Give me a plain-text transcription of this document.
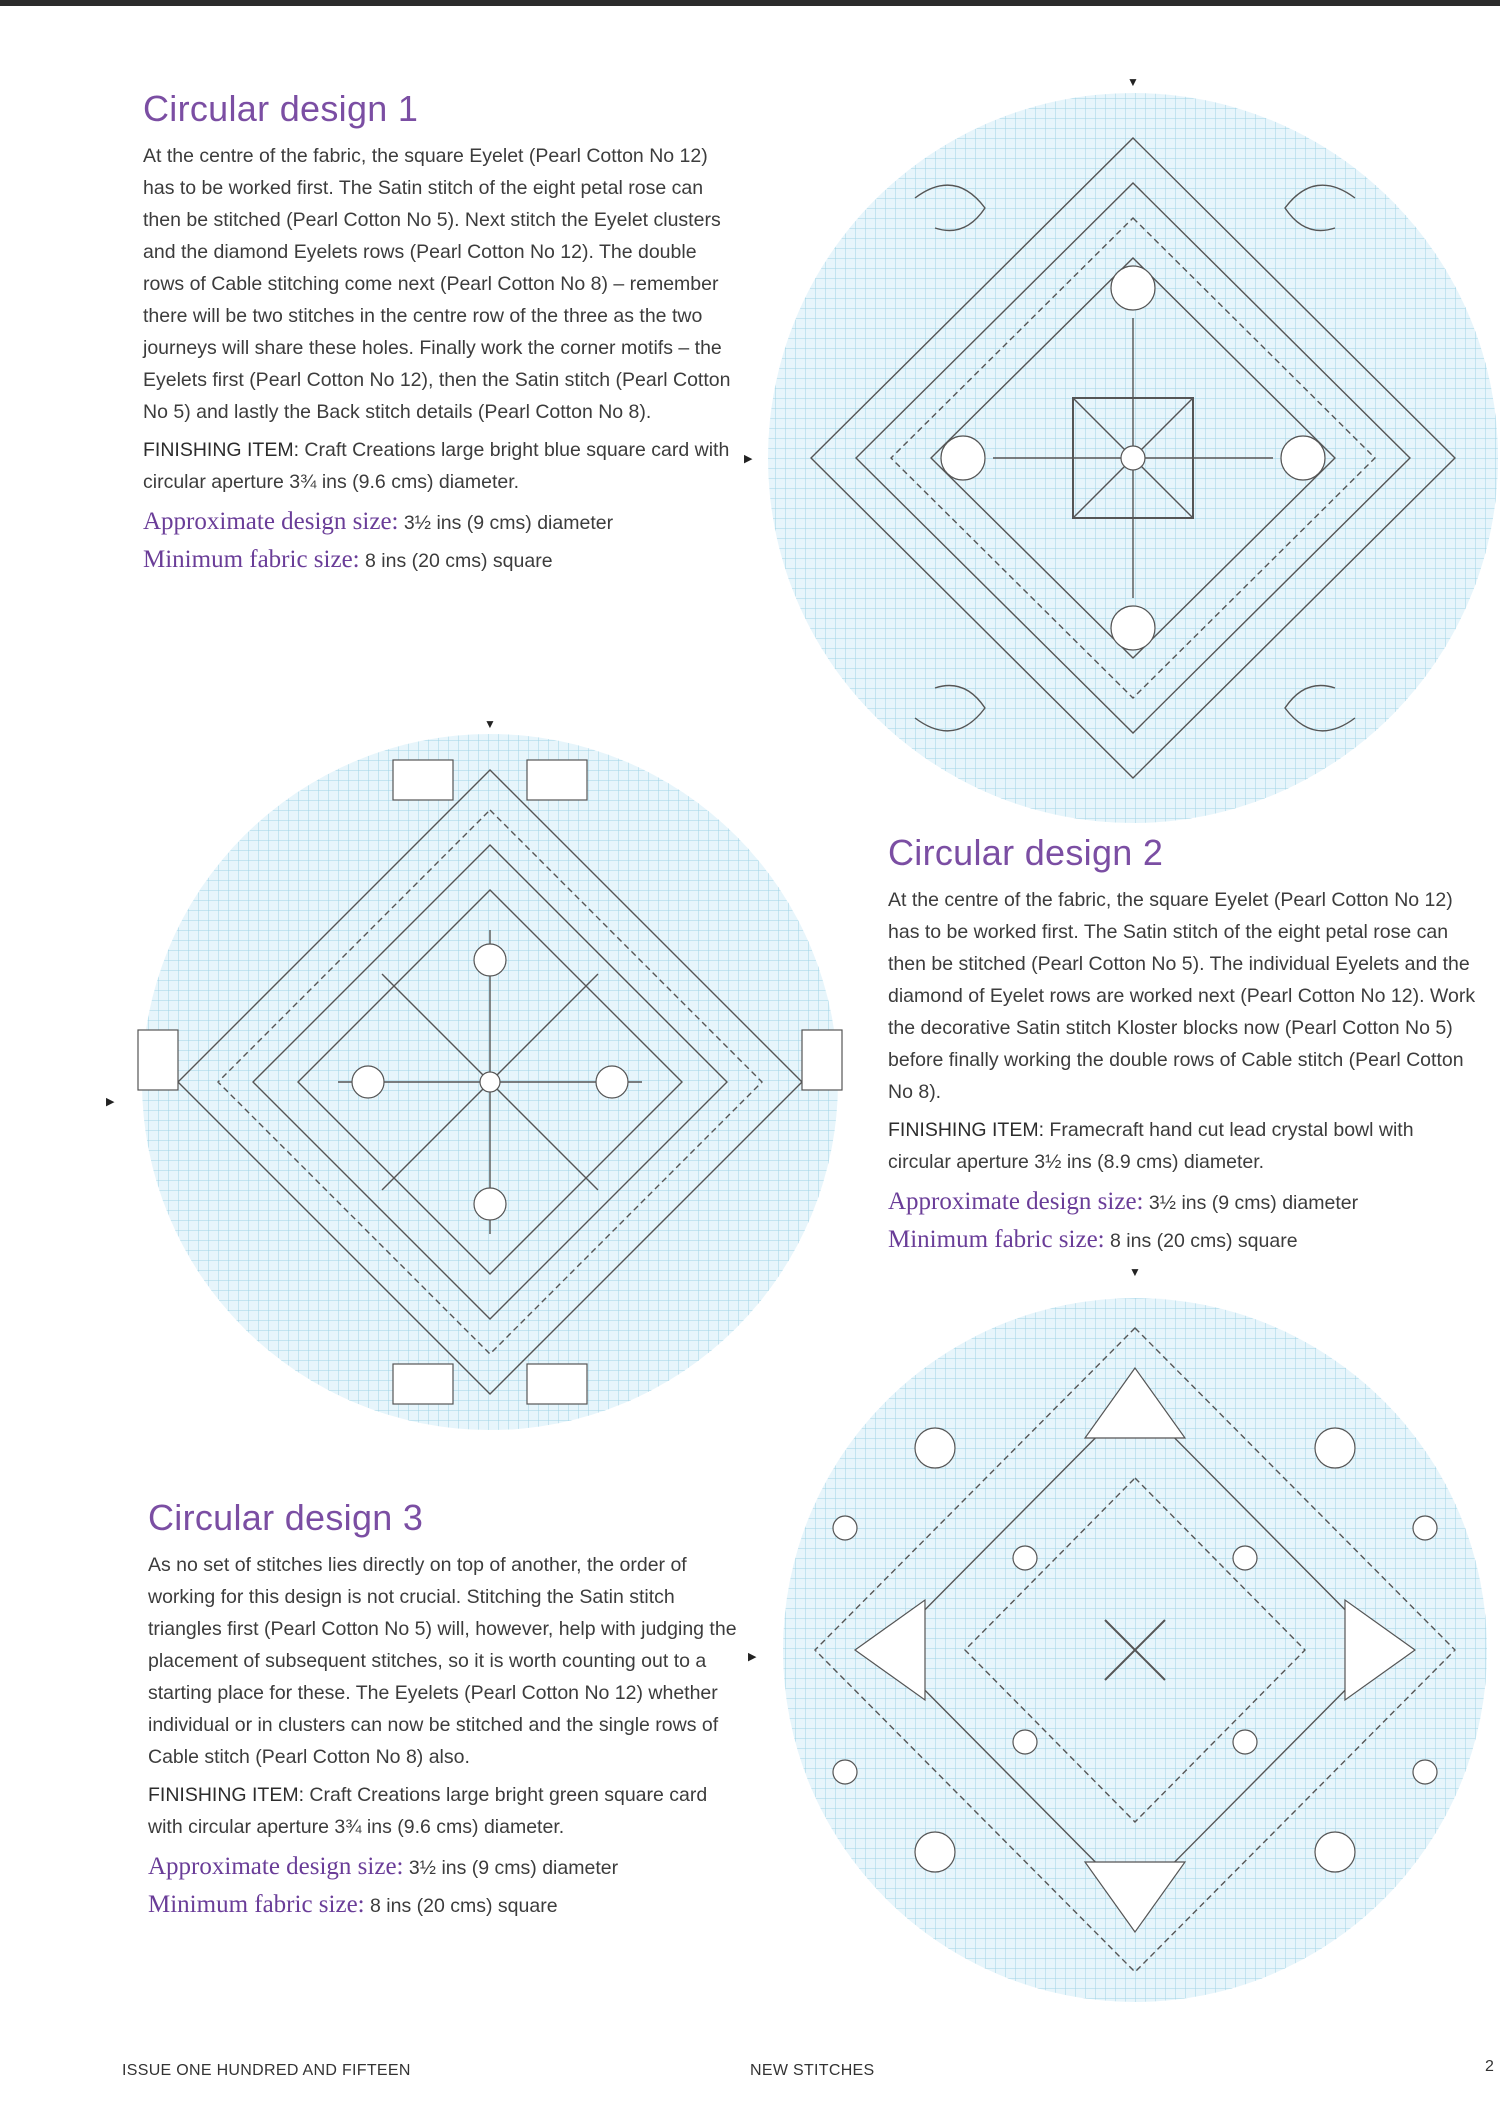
Circular design 1

At the centre of the fabric, the square Eyelet (Pearl Cotton No 12) has to be worked first. The Satin stitch of the eight petal rose can then be stitched (Pearl Cotton No 5). Next stitch the Eyelet clusters and the diamond Eyelets rows (Pearl Cotton No 12). The double rows of Cable stitching come next (Pearl Cotton No 8) – remember there will be two stitches in the centre row of the three as the two journeys will share these holes. Finally work the corner motifs – the Eyelets first (Pearl Cotton No 12), then the Satin stitch (Pearl Cotton No 5) and lastly the Back stitch details (Pearl Cotton No 8).

FINISHING ITEM: Craft Creations large bright blue square card with circular aperture 3¾ ins (9.6 cms) diameter.

Approximate design size: 3½ ins (9 cms) diameter

Minimum fabric size: 8 ins (20 cms) square

Circular design 2

At the centre of the fabric, the square Eyelet (Pearl Cotton No 12) has to be worked first. The Satin stitch of the eight petal rose can then be stitched (Pearl Cotton No 5). The individual Eyelets and the diamond of Eyelet rows are worked next (Pearl Cotton No 12). Work the decorative Satin stitch Kloster blocks now (Pearl Cotton No 5) before finally working the double rows of Cable stitch (Pearl Cotton No 8).

FINISHING ITEM: Framecraft hand cut lead crystal bowl with circular aperture 3½ ins (8.9 cms) diameter.

Approximate design size: 3½ ins (9 cms) diameter

Minimum fabric size: 8 ins (20 cms) square

Circular design 3

As no set of stitches lies directly on top of another, the order of working for this design is not crucial. Stitching the Satin stitch triangles first (Pearl Cotton No 5) will, however, help with judging the placement of subsequent stitches, so it is worth counting out to a starting place for these. The Eyelets (Pearl Cotton No 12) whether individual or in clusters can now be stitched and the single rows of Cable stitch (Pearl Cotton No 8) also.

FINISHING ITEM: Craft Creations large bright green square card with circular aperture 3¾ ins (9.6 cms) diameter.

Approximate design size: 3½ ins (9 cms) diameter

Minimum fabric size: 8 ins (20 cms) square

▼
▼
▼
▶
▶
▶
ISSUE ONE HUNDRED AND FIFTEEN	NEW STITCHES	2
